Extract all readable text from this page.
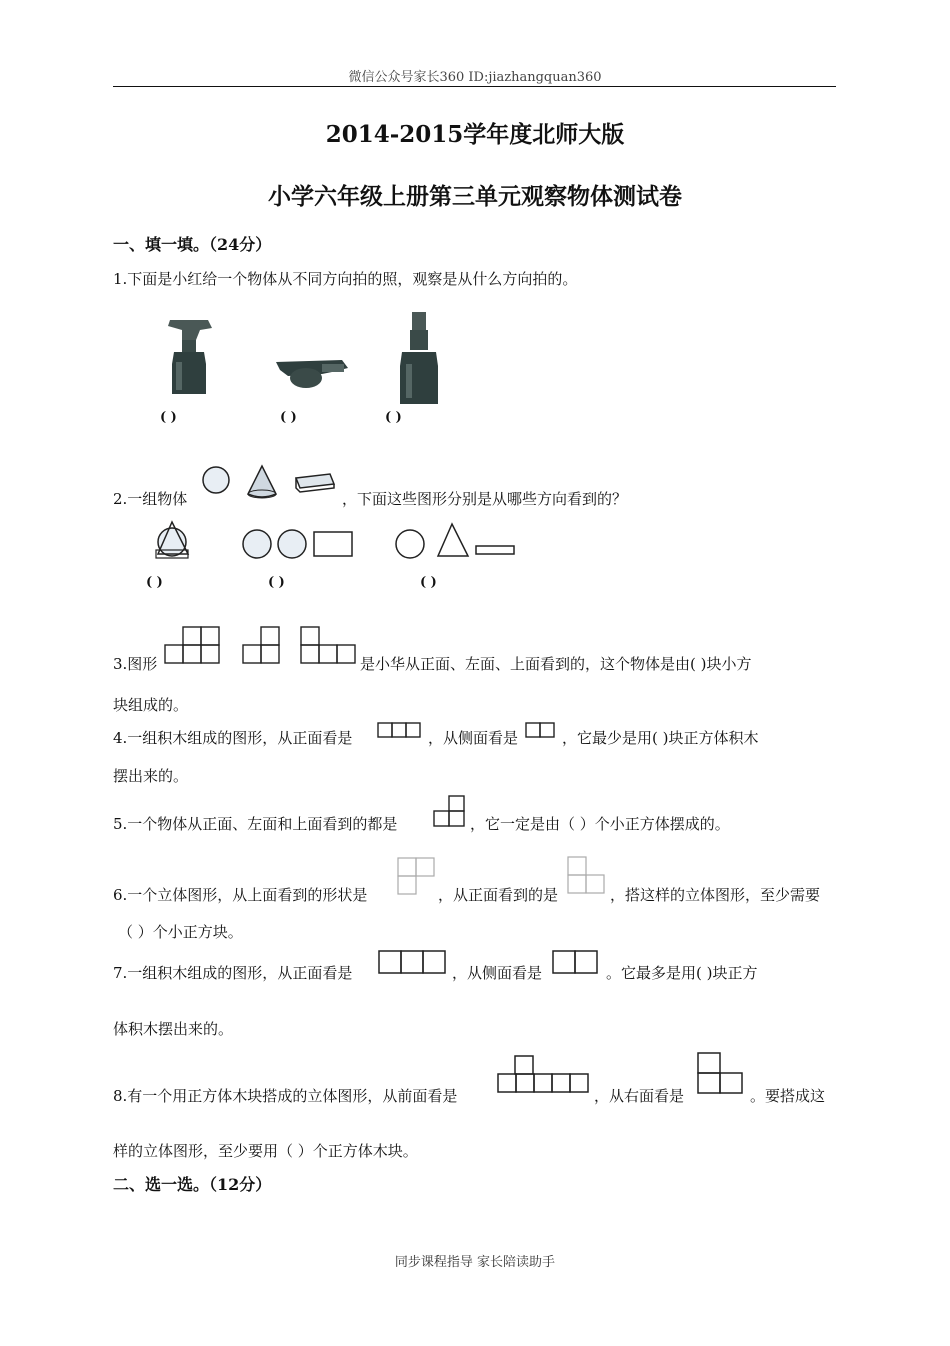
微信公众号家长360 ID:jiazhangquan360
2014-2015学年度北师大版
小学六年级上册第三单元观察物体测试卷
一、填一填。（24分）
1.下面是小红给一个物体从不同方向拍的照，观察是从什么方向拍的。
( )	( )	( )
2.一组物体	，下面这些图形分别是从哪些方向看到的？
( )	( )	( )
3.图形	是小华从正面、左面、上面看到的，这个物体是由( )块小方
块组成的。
4.一组积木组成的图形，从正面看是	，从侧面看是	，它最少是用( )块正方体积木
摆出来的。
5.一个物体从正面、左面和上面看到的都是	，它一定是由（ ）个小正方体摆成的。
6.一个立体图形，从上面看到的形状是	，从正面看到的是	，搭这样的立体图形，至少需要
（ ）个小正方块。
7.一组积木组成的图形，从正面看是	，从侧面看是	。它最多是用( )块正方
体积木摆出来的。
8.有一个用正方体木块搭成的立体图形，从前面看是	，从右面看是	。要搭成这
样的立体图形，至少要用（ ）个正方体木块。
二、选一选。（12分）
同步课程指导 家长陪读助手
